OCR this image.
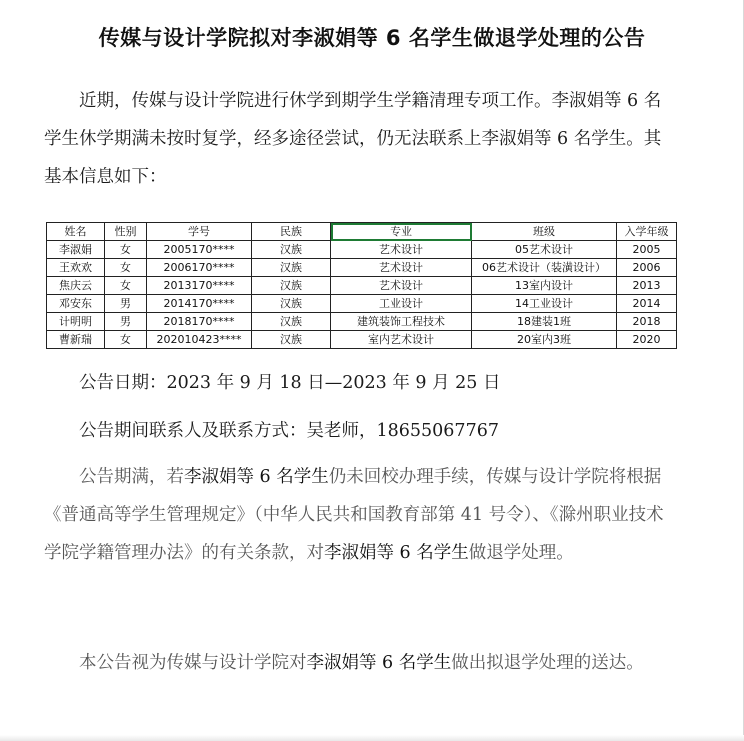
传媒与设计学院拟对李淑娟等 6 名学生做退学处理的公告

近期，传媒与设计学院进行休学到期学生学籍清理专项工作。李淑娟等 6 名学生休学期满未按时复学，经多途径尝试，仍无法联系上李淑娟等 6 名学生。其基本信息如下：

姓名	性别	学号	民族	专业	班级	入学年级
李淑娟	女	2005170****	汉族	艺术设计	05艺术设计	2005
王欢欢	女	2006170****	汉族	艺术设计	06艺术设计（装潢设计）	2006
焦庆云	女	2013170****	汉族	艺术设计	13室内设计	2013
邓安东	男	2014170****	汉族	工业设计	14工业设计	2014
计明明	男	2018170****	汉族	建筑装饰工程技术	18建装1班	2018
曹新瑞	女	202010423****	汉族	室内艺术设计	20室内3班	2020

公告日期：2023 年 9 月 18 日—2023 年 9 月 25 日

公告期间联系人及联系方式：吴老师，18655067767

公告期满，若李淑娟等 6 名学生仍未回校办理手续，传媒与设计学院将根据《普通高等学生管理规定》（中华人民共和国教育部第 41 号令）、《滁州职业技术学院学籍管理办法》的有关条款，对李淑娟等 6 名学生做退学处理。

本公告视为传媒与设计学院对李淑娟等 6 名学生做出拟退学处理的送达。
